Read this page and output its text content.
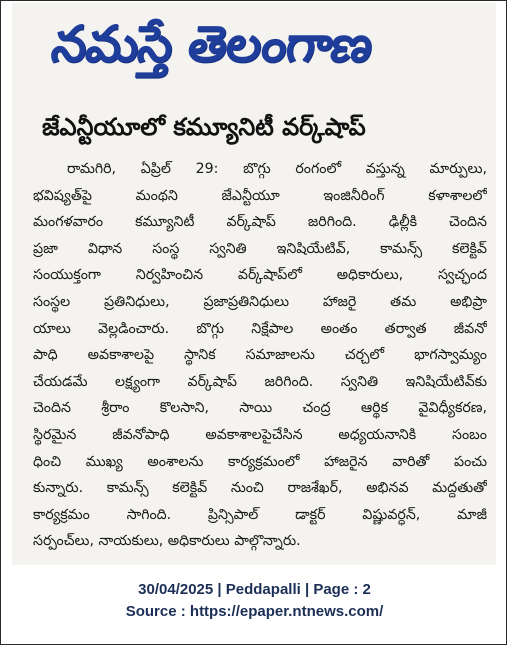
నమస్తే తెలంగాణ
జేఎన్టీయూలో కమ్యూనిటీ వర్క్‌షాప్
రామగిరి, ఏప్రిల్ 29: బొగ్గు రంగంలో వస్తున్న మార్పులు,
భవిష్యత్‌పై మంథని జేఎన్టీయూ ఇంజినీరింగ్ కళాశాలలో
మంగళవారం కమ్యూనిటీ వర్క్‌షాప్ జరిగింది. ఢిల్లీకి చెందిన
ప్రజా విధాన సంస్థ స్వనితి ఇనిషియేటివ్, కామన్స్ కలెక్టివ్
సంయుక్తంగా నిర్వహించిన వర్క్‌షాప్‌లో అధికారులు, స్వచ్ఛంద
సంస్థల ప్రతినిధులు, ప్రజాప్రతినిధులు హాజరై తమ అభిప్రా
యాలు వెల్లడించారు. బొగ్గు నిక్షేపాల అంతం తర్వాత జీవనో
పాధి అవకాశాలపై స్థానిక సమాజాలను చర్చలో భాగస్వామ్యం
చేయడమే లక్ష్యంగా వర్క్‌షాప్ జరిగింది. స్వనితి ఇనిషియేటివ్‌కు
చెందిన శ్రీరాం కొలసాని, సాయి చంద్ర ఆర్థిక వైవిధ్యీకరణ,
స్థిరమైన జీవనోపాధి అవకాశాలపైచేసిన అధ్యయనానికి సంబం
ధించి ముఖ్య అంశాలను కార్యక్రమంలో హాజరైన వారితో పంచు
కున్నారు. కామన్స్ కలెక్టివ్ నుంచి రాజశేఖర్, అభినవ మద్దతుతో
కార్యక్రమం సాగింది. ప్రిన్సిపాల్ డాక్టర్ విష్ణువర్ధన్, మాజీ
సర్పంచ్‌లు, నాయకులు, అధికారులు పాల్గొన్నారు.
30/04/2025 | Peddapalli | Page : 2
Source : https://epaper.ntnews.com/
